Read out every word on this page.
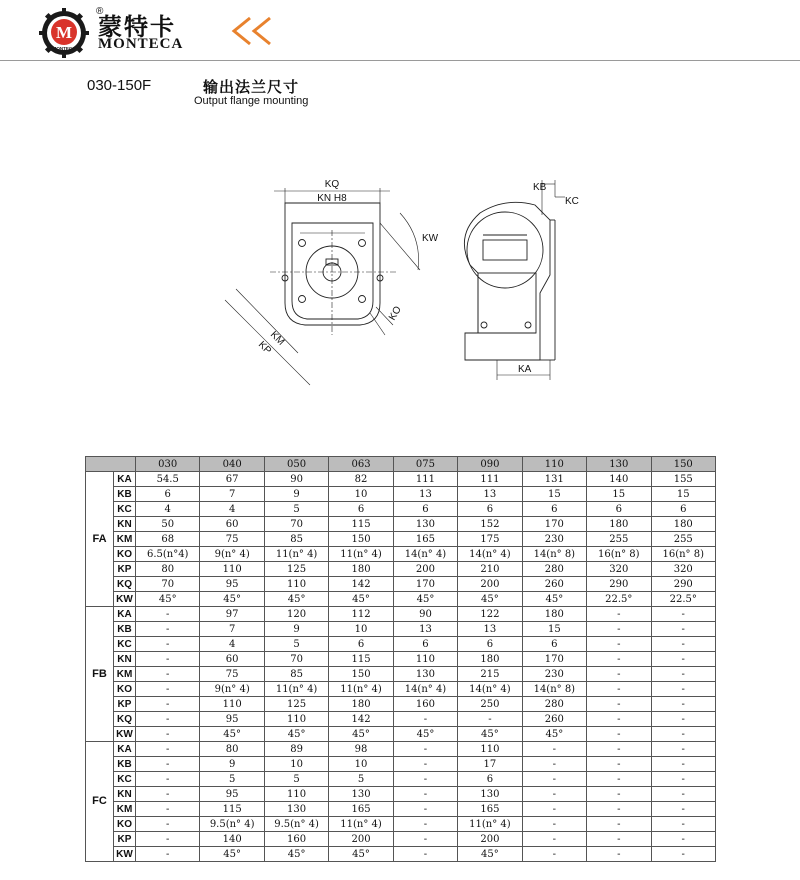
M
MONTECA
®
蒙特卡
MONTECA
030-150F	输出法兰尺寸
Output flange mounting
KQ
KN H8
KW
KM
KP
KO
KB
KC
KA
		030	040	050	063	075	090	110	130	150
FA	KA	54.5	67	90	82	111	111	131	140	155
	KB	6	7	9	10	13	13	15	15	15
	KC	4	4	5	6	6	6	6	6	6
	KN	50	60	70	115	130	152	170	180	180
	KM	68	75	85	150	165	175	230	255	255
	KO	6.5(n°4)	9(n° 4)	11(n° 4)	11(n° 4)	14(n° 4)	14(n° 4)	14(n° 8)	16(n° 8)	16(n° 8)
	KP	80	110	125	180	200	210	280	320	320
	KQ	70	95	110	142	170	200	260	290	290
	KW	45°	45°	45°	45°	45°	45°	45°	22.5°	22.5°
FB	KA	-	97	120	112	90	122	180	-	-
	KB	-	7	9	10	13	13	15	-	-
	KC	-	4	5	6	6	6	6	-	-
	KN	-	60	70	115	110	180	170	-	-
	KM	-	75	85	150	130	215	230	-	-
	KO	-	9(n° 4)	11(n° 4)	11(n° 4)	14(n° 4)	14(n° 4)	14(n° 8)	-	-
	KP	-	110	125	180	160	250	280	-	-
	KQ	-	95	110	142	-	-	260	-	-
	KW	-	45°	45°	45°	45°	45°	45°	-	-
FC	KA	-	80	89	98	-	110	-	-	-
	KB	-	9	10	10	-	17	-	-	-
	KC	-	5	5	5	-	6	-	-	-
	KN	-	95	110	130	-	130	-	-	-
	KM	-	115	130	165	-	165	-	-	-
	KO	-	9.5(n° 4)	9.5(n° 4)	11(n° 4)	-	11(n° 4)	-	-	-
	KP	-	140	160	200	-	200	-	-	-
	KW	-	45°	45°	45°	-	45°	-	-	-
